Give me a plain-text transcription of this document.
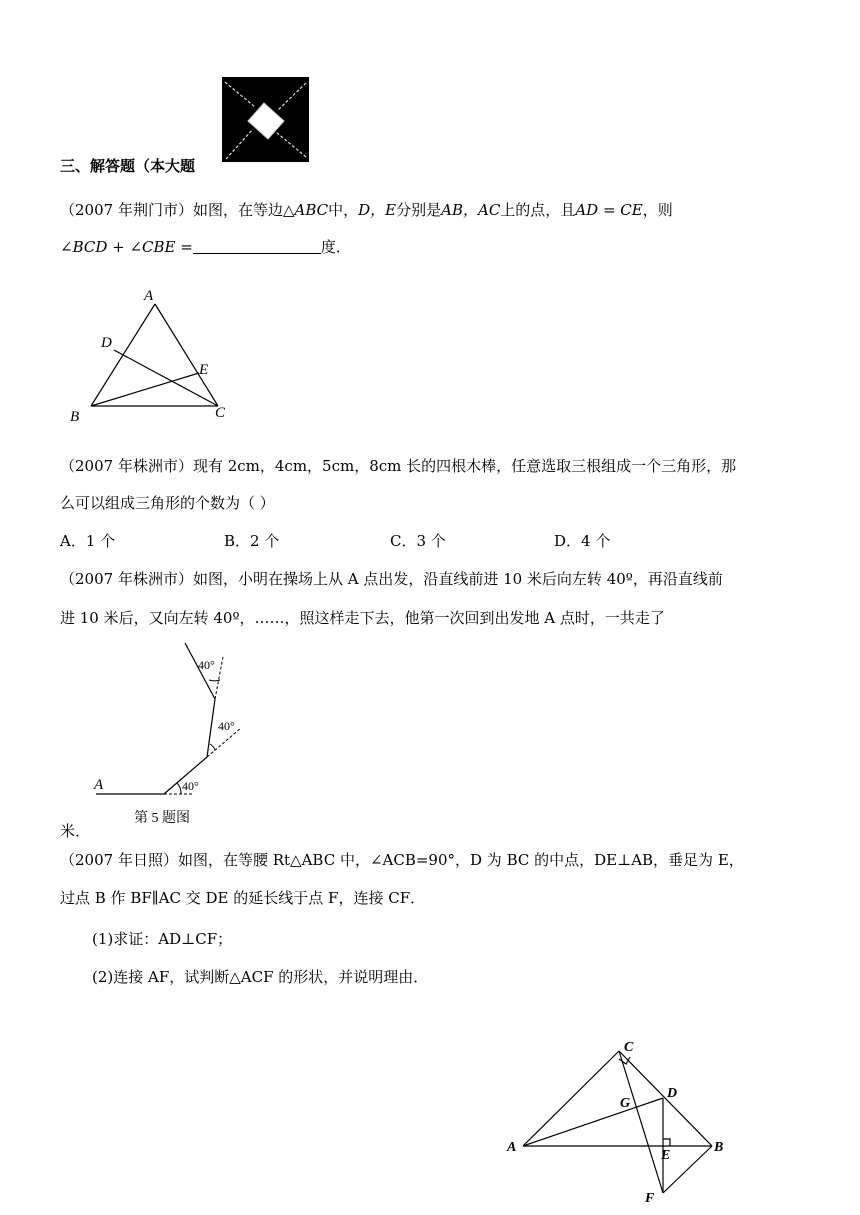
三、解答题（本大题
（2007 年荆门市）如图，在等边△ABC中，D，E分别是AB，AC上的点，且AD = CE，则
∠BCD + ∠CBE =	度．
A
D
E
B	C
（2007 年株洲市）现有 2cm，4cm，5cm，8cm 长的四根木棒，任意选取三根组成一个三角形，那
么可以组成三角形的个数为（ ）
A．1 个	B．2 个	C．3 个	D．4 个
（2007 年株洲市）如图，小明在操场上从 A 点出发，沿直线前进 10 米后向左转 40º，再沿直线前
进 10 米后，又向左转 40º，……，照这样走下去，他第一次回到出发地 A 点时，一共走了
40°
40°
40°
A
第 5 题图
米．
（2007 年日照）如图，在等腰 Rt△ABC 中，∠ACB=90°，D 为 BC 的中点，DE⊥AB，垂足为 E，
过点 B 作 BF∥AC 交 DE 的延长线于点 F，连接 CF．
(1)求证：AD⊥CF；
(2)连接 AF，试判断△ACF 的形状，并说明理由．
C
D
G
A	B
E
F
